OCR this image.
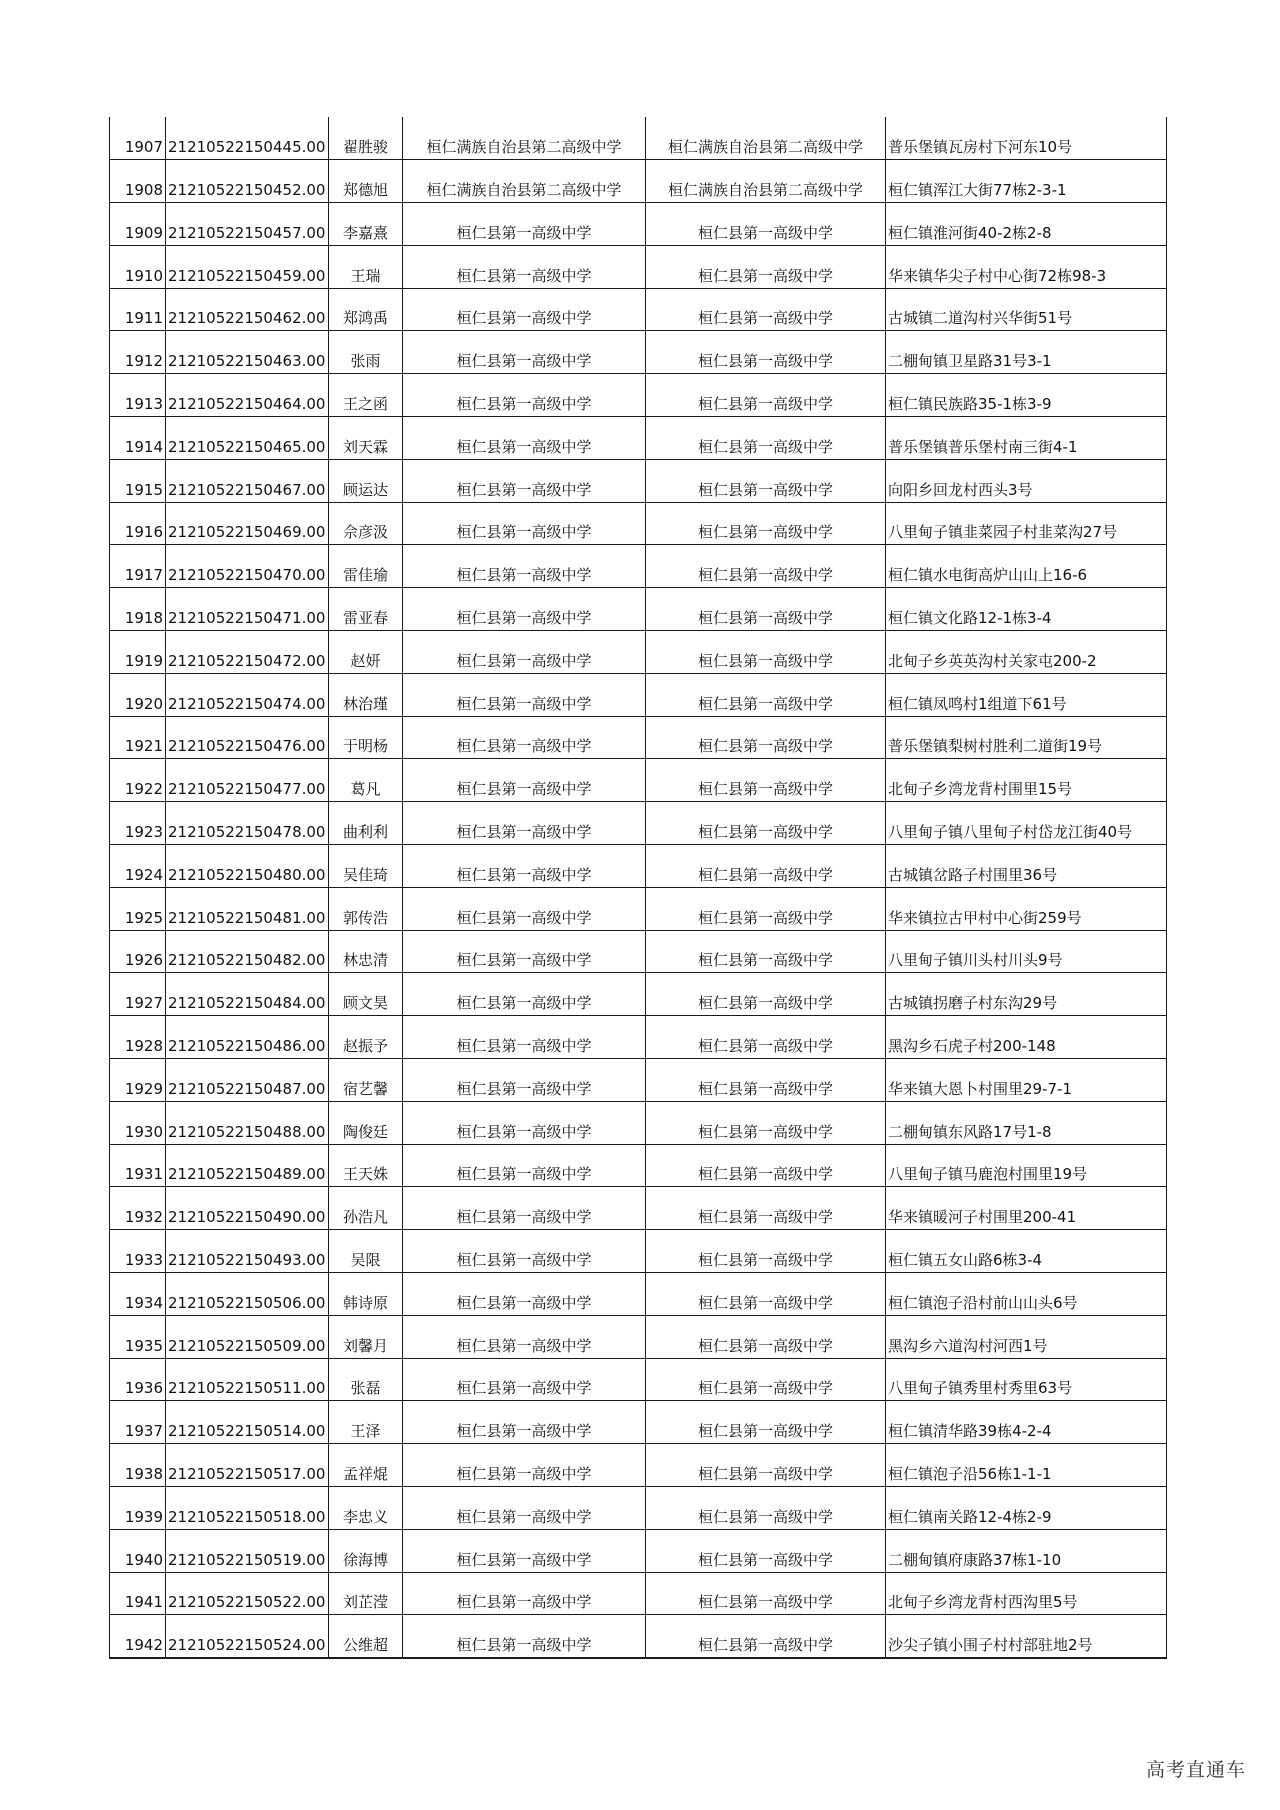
1907	21210522150445.00	翟胜骏	桓仁满族自治县第二高级中学	桓仁满族自治县第二高级中学	普乐堡镇瓦房村下河东10号
1908	21210522150452.00	郑德旭	桓仁满族自治县第二高级中学	桓仁满族自治县第二高级中学	桓仁镇浑江大街77栋2-3-1
1909	21210522150457.00	李嘉熹	桓仁县第一高级中学	桓仁县第一高级中学	桓仁镇淮河街40-2栋2-8
1910	21210522150459.00	王瑞	桓仁县第一高级中学	桓仁县第一高级中学	华来镇华尖子村中心街72栋98-3
1911	21210522150462.00	郑鸿禹	桓仁县第一高级中学	桓仁县第一高级中学	古城镇二道沟村兴华街51号
1912	21210522150463.00	张雨	桓仁县第一高级中学	桓仁县第一高级中学	二棚甸镇卫星路31号3-1
1913	21210522150464.00	王之函	桓仁县第一高级中学	桓仁县第一高级中学	桓仁镇民族路35-1栋3-9
1914	21210522150465.00	刘天霖	桓仁县第一高级中学	桓仁县第一高级中学	普乐堡镇普乐堡村南三街4-1
1915	21210522150467.00	顾运达	桓仁县第一高级中学	桓仁县第一高级中学	向阳乡回龙村西头3号
1916	21210522150469.00	佘彦汲	桓仁县第一高级中学	桓仁县第一高级中学	八里甸子镇韭菜园子村韭菜沟27号
1917	21210522150470.00	雷佳瑜	桓仁县第一高级中学	桓仁县第一高级中学	桓仁镇水电街高炉山山上16-6
1918	21210522150471.00	雷亚春	桓仁县第一高级中学	桓仁县第一高级中学	桓仁镇文化路12-1栋3-4
1919	21210522150472.00	赵妍	桓仁县第一高级中学	桓仁县第一高级中学	北甸子乡英英沟村关家屯200-2
1920	21210522150474.00	林治瑾	桓仁县第一高级中学	桓仁县第一高级中学	桓仁镇凤鸣村1组道下61号
1921	21210522150476.00	于明杨	桓仁县第一高级中学	桓仁县第一高级中学	普乐堡镇梨树村胜利二道街19号
1922	21210522150477.00	葛凡	桓仁县第一高级中学	桓仁县第一高级中学	北甸子乡湾龙背村围里15号
1923	21210522150478.00	曲利利	桓仁县第一高级中学	桓仁县第一高级中学	八里甸子镇八里甸子村岱龙江街40号
1924	21210522150480.00	吴佳琦	桓仁县第一高级中学	桓仁县第一高级中学	古城镇岔路子村围里36号
1925	21210522150481.00	郭传浩	桓仁县第一高级中学	桓仁县第一高级中学	华来镇拉古甲村中心街259号
1926	21210522150482.00	林忠清	桓仁县第一高级中学	桓仁县第一高级中学	八里甸子镇川头村川头9号
1927	21210522150484.00	顾文昊	桓仁县第一高级中学	桓仁县第一高级中学	古城镇拐磨子村东沟29号
1928	21210522150486.00	赵振予	桓仁县第一高级中学	桓仁县第一高级中学	黑沟乡石虎子村200-148
1929	21210522150487.00	宿艺馨	桓仁县第一高级中学	桓仁县第一高级中学	华来镇大恩卜村围里29-7-1
1930	21210522150488.00	陶俊廷	桓仁县第一高级中学	桓仁县第一高级中学	二棚甸镇东风路17号1-8
1931	21210522150489.00	王天姝	桓仁县第一高级中学	桓仁县第一高级中学	八里甸子镇马鹿泡村围里19号
1932	21210522150490.00	孙浩凡	桓仁县第一高级中学	桓仁县第一高级中学	华来镇暖河子村围里200-41
1933	21210522150493.00	吴限	桓仁县第一高级中学	桓仁县第一高级中学	桓仁镇五女山路6栋3-4
1934	21210522150506.00	韩诗原	桓仁县第一高级中学	桓仁县第一高级中学	桓仁镇泡子沿村前山山头6号
1935	21210522150509.00	刘馨月	桓仁县第一高级中学	桓仁县第一高级中学	黑沟乡六道沟村河西1号
1936	21210522150511.00	张磊	桓仁县第一高级中学	桓仁县第一高级中学	八里甸子镇秀里村秀里63号
1937	21210522150514.00	王泽	桓仁县第一高级中学	桓仁县第一高级中学	桓仁镇清华路39栋4-2-4
1938	21210522150517.00	孟祥焜	桓仁县第一高级中学	桓仁县第一高级中学	桓仁镇泡子沿56栋1-1-1
1939	21210522150518.00	李忠义	桓仁县第一高级中学	桓仁县第一高级中学	桓仁镇南关路12-4栋2-9
1940	21210522150519.00	徐海博	桓仁县第一高级中学	桓仁县第一高级中学	二棚甸镇府康路37栋1-10
1941	21210522150522.00	刘芷滢	桓仁县第一高级中学	桓仁县第一高级中学	北甸子乡湾龙背村西沟里5号
1942	21210522150524.00	公维超	桓仁县第一高级中学	桓仁县第一高级中学	沙尖子镇小围子村村部驻地2号
高考直通车
